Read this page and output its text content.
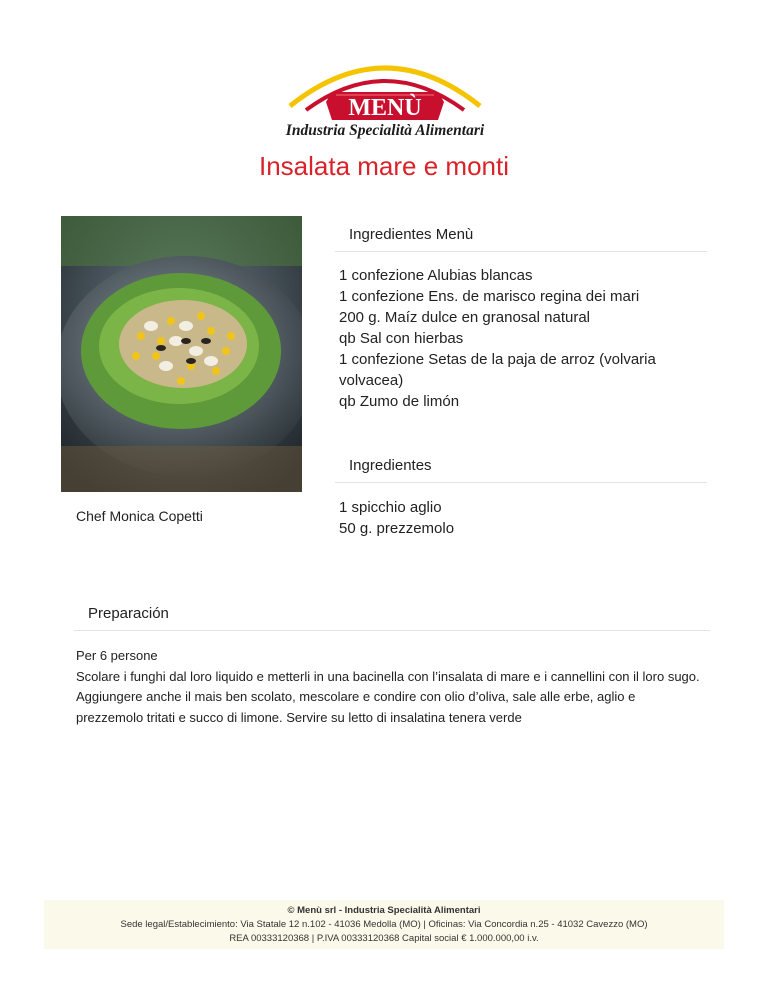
MENÙ
Industria Specialità Alimentari
Insalata mare e monti
Chef Monica Copetti
Ingredientes Menù
1 confezione Alubias blancas
1 confezione Ens. de marisco regina dei mari
200 g. Maíz dulce en granosal natural
qb Sal con hierbas
1 confezione Setas de la paja de arroz (volvaria volvacea)
qb Zumo de limón
Ingredientes
1 spicchio aglio
50 g. prezzemolo
Preparación
Per 6 persone
Scolare i funghi dal loro liquido e metterli in una bacinella con l’insalata di mare e i cannellini con il loro sugo. Aggiungere anche il mais ben scolato, mescolare e condire con olio d’oliva, sale alle erbe, aglio e prezzemolo tritati e succo di limone. Servire su letto di insalatina tenera verde
© Menù srl - Industria Specialità Alimentari
Sede legal/Establecimiento: Via Statale 12 n.102 - 41036 Medolla (MO) | Oficinas: Via Concordia n.25 - 41032 Cavezzo (MO)
REA 00333120368 | P.IVA 00333120368 Capital social € 1.000.000,00 i.v.
